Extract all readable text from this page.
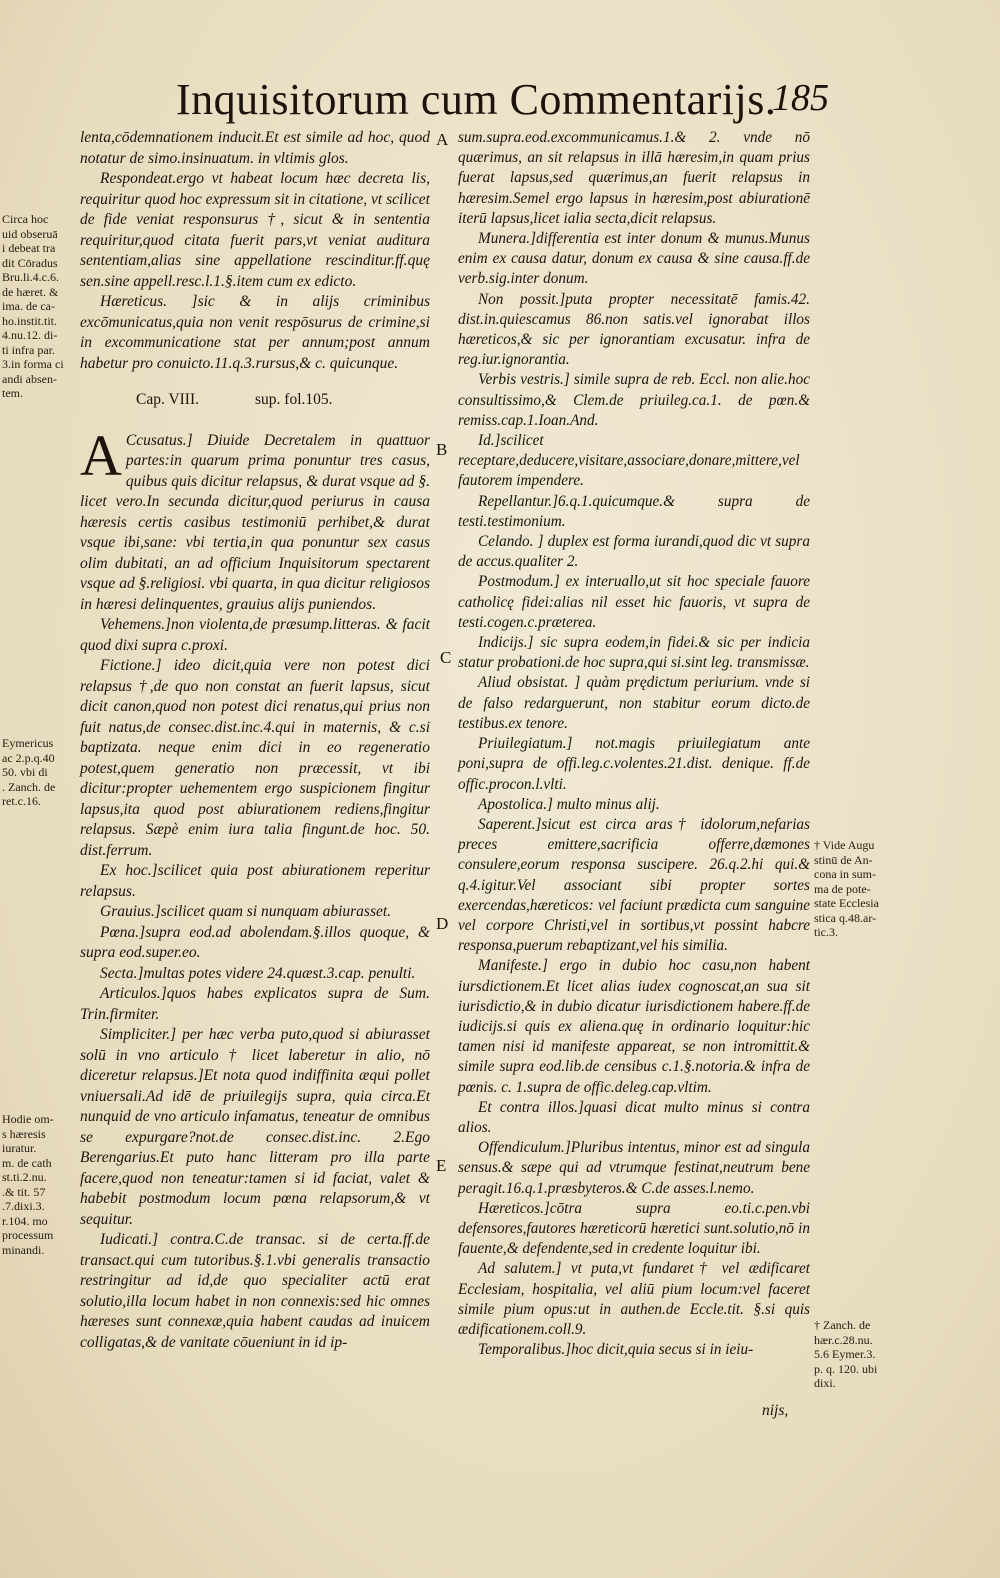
Inquisitorum cum Commentarijs.
185
Circa hoc
uid obseruā
i debeat tra
dit Cōradus
Bru.li.4.c.6.
de hæret. &
ima. de ca-
ho.instit.tit.
4.nu.12. di-
ti infra par.
3.in forma ci
andi absen-
tem.
Eymericus
ac 2.p.q.40
50. vbi di
. Zanch. de
ret.c.16.
Hodie om-
s hæresis
iuratur.
m. de cath
st.ti.2.nu.
.& tit. 57
.7.dixi.3.
r.104. mo
processum
minandi.
† Vide Augu
stinū de An-
cona in sum-
ma de pote-
state Ecclesia
stica q.48.ar-
tic.3.
† Zanch. de
hær.c.28.nu.
5.6 Eymer.3.
p. q. 120. ubi
dixi.
A
B
C
D
E

lenta,cōdemnationem inducit.Et est simile ad hoc, quod notatur de simo.insinuatum. in vltimis glos.

Respondeat.ergo vt habeat locum hæc decreta lis, requiritur quod hoc expressum sit in citatione, vt scilicet de fide veniat responsurus †, sicut & in sententia requiritur,quod citata fuerit pars,vt veniat auditura sententiam,alias sine appellatione rescinditur.ff.quę sen.sine appell.resc.l.1.§.item cum ex edicto.

Hæreticus. ]sic & in alijs criminibus excōmunicatus,quia non venit respōsurus de crimine,si in excommunicatione stat per annum;post annum habetur pro conuicto.11.q.3.rursus,& c. quicunque.

Cap. VIII.	sup. fol.105.

A Ccusatus.] Diuide Decretalem in quattuor partes:in quarum prima ponuntur tres casus, quibus quis dicitur relapsus, & durat vsque ad §. licet vero.In secunda dicitur,quod periurus in causa hæresis certis casibus testimoniū perhibet,& durat vsque ibi,sane: vbi tertia,in qua ponuntur sex casus olim dubitati, an ad officium Inquisitorum spectarent vsque ad §.religiosi. vbi quarta, in qua dicitur religiosos in hæresi delinquentes, grauius alijs puniendos.

Vehemens.]non violenta,de præsump.litteras. & facit quod dixi supra c.proxi.

Fictione.] ideo dicit,quia vere non potest dici relapsus †,de quo non constat an fuerit lapsus, sicut dicit canon,quod non potest dici renatus,qui prius non fuit natus,de consec.dist.inc.4.qui in maternis, & c.si baptizata. neque enim dici in eo regeneratio potest,quem generatio non præcessit, vt ibi dicitur:propter uehementem ergo suspicionem fingitur lapsus,ita quod post abiurationem rediens,fingitur relapsus. Sæpè enim iura talia fingunt.de hoc. 50. dist.ferrum.

Ex hoc.]scilicet quia post abiurationem reperitur relapsus.

Grauius.]scilicet quam si nunquam abiurasset.

Pœna.]supra eod.ad abolendam.§.illos quoque, & supra eod.super.eo.

Secta.]multas potes videre 24.quæst.3.cap. penulti.

Articulos.]quos habes explicatos supra de Sum. Trin.firmiter.

Simpliciter.] per hæc verba puto,quod si abiurasset solū in vno articulo † licet laberetur in alio, nō diceretur relapsus.]Et nota quod indiffinita æqui pollet vniuersali.Ad idē de priuilegijs supra, quia circa.Et nunquid de vno articulo infamatus, teneatur de omnibus se expurgare?not.de consec.dist.inc. 2.Ego Berengarius.Et puto hanc litteram pro illa parte facere,quod non teneatur:tamen si id faciat, valet & habebit postmodum locum pœna relapsorum,& vt sequitur.

Iudicati.] contra.C.de transac. si de certa.ff.de transact.qui cum tutoribus.§.1.vbi generalis transactio restringitur ad id,de quo specialiter actū erat solutio,illa locum habet in non connexis:sed hic omnes hæreses sunt connexæ,quia habent caudas ad inuicem colligatas,& de vanitate cōueniunt in id ip-

sum.supra.eod.excommunicamus.1.& 2. vnde nō quærimus, an sit relapsus in illā hæresim,in quam prius fuerat lapsus,sed quærimus,an fuerit relapsus in hæresim.Semel ergo lapsus in hæresim,post abiurationē iterū lapsus,licet ialia secta,dicit relapsus.

Munera.]differentia est inter donum & munus.Munus enim ex causa datur, donum ex causa & sine causa.ff.de verb.sig.inter donum.

Non possit.]puta propter necessitatē famis.42. dist.in.quiescamus 86.non satis.vel ignorabat illos hæreticos,& sic per ignorantiam excusatur. infra de reg.iur.ignorantia.

Verbis vestris.] simile supra de reb. Eccl. non alie.hoc consultissimo,& Clem.de priuileg.ca.1. de pœn.& remiss.cap.1.Ioan.And.

Id.]scilicet receptare,deducere,visitare,associare,donare,mittere,vel fautorem impendere.

Repellantur.]6.q.1.quicumque.& supra de testi.testimonium.

Celando. ] duplex est forma iurandi,quod dic vt supra de accus.qualiter 2.

Postmodum.] ex interuallo,ut sit hoc speciale fauore catholicę fidei:alias nil esset hic fauoris, vt supra de testi.cogen.c.præterea.

Indicijs.] sic supra eodem,in fidei.& sic per indicia statur probationi.de hoc supra,qui si.sint leg. transmissæ.

Aliud obsistat. ] quàm prędictum periurium. vnde si de falso redarguerunt, non stabitur eorum dicto.de testibus.ex tenore.

Priuilegiatum.] not.magis priuilegiatum ante poni,supra de offi.leg.c.volentes.21.dist. denique. ff.de offic.procon.l.vlti.

Apostolica.] multo minus alij.

Saperent.]sicut est circa aras† idolorum,nefarias preces emittere,sacrificia offerre,dæmones consulere,eorum responsa suscipere. 26.q.2.hi qui.& q.4.igitur.Vel associant sibi propter sortes exercendas,hæreticos: vel faciunt prædicta cum sanguine vel corpore Christi,vel in sortibus,vt possint habcre responsa,puerum rebaptizant,vel his similia.

Manifeste.] ergo in dubio hoc casu,non habent iursdictionem.Et licet alias iudex cognoscat,an sua sit iurisdictio,& in dubio dicatur iurisdictionem habere.ff.de iudicijs.si quis ex aliena.quę in ordinario loquitur:hic tamen nisi id manifeste appareat, se non intromittit.& simile supra eod.lib.de censibus c.1.§.notoria.& infra de pœnis. c. 1.supra de offic.deleg.cap.vltim.

Et contra illos.]quasi dicat multo minus si contra alios.

Offendiculum.]Pluribus intentus, minor est ad singula sensus.& sæpe qui ad vtrumque festinat,neutrum bene peragit.16.q.1.præsbyteros.& C.de asses.l.nemo.

Hæreticos.]cōtra supra eo.ti.c.pen.vbi defensores,fautores hæreticorū hæretici sunt.solutio,nō in fauente,& defendente,sed in credente loquitur ibi.

Ad salutem.] vt puta,vt fundaret† vel ædificaret Ecclesiam, hospitalia, vel aliū pium locum:vel faceret simile pium opus:ut in authen.de Eccle.tit. §.si quis ædificationem.coll.9.

Temporalibus.]hoc dicit,quia secus si in ieiu-

nijs,
